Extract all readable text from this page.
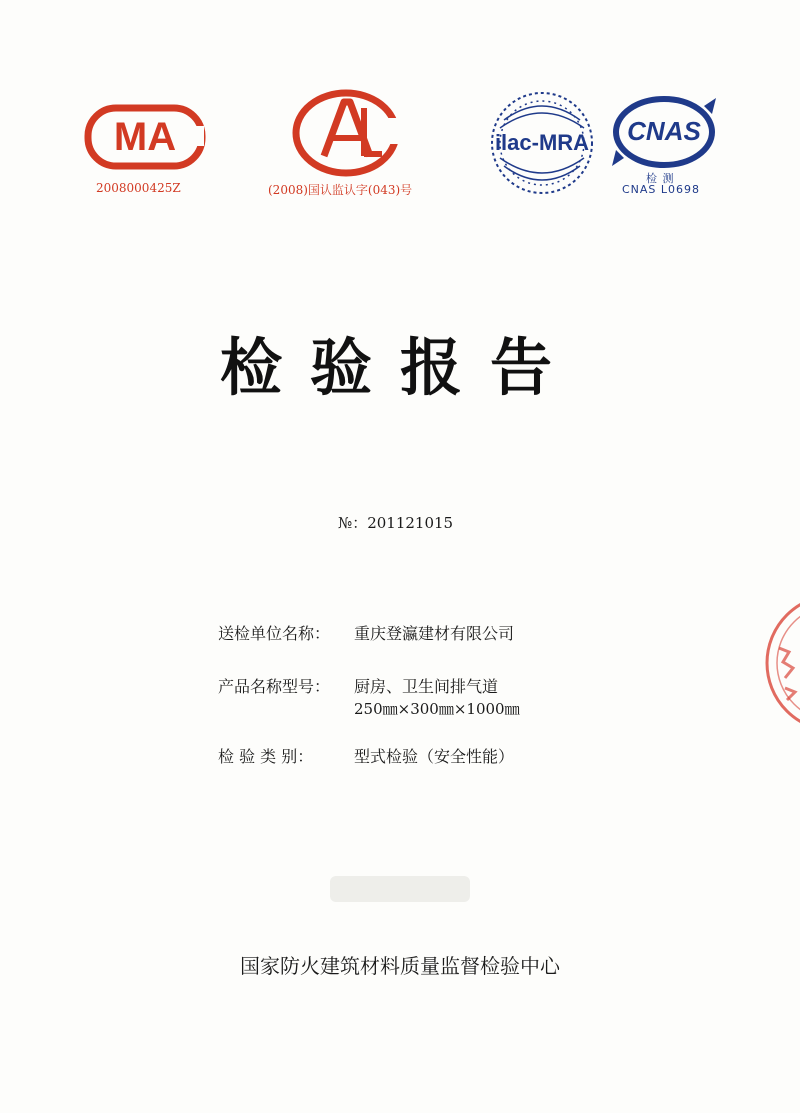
MA
2008000425Z	(2008)国认监认字(043)号
ilac-MRA CNAS
检 测
CNAS L0698
检验报告
№：201121015
送检单位名称： 重庆登瀛建材有限公司
产品名称型号： 厨房、卫生间排气道
250㎜×300㎜×1000㎜
检 验 类 别：	型式检验（安全性能）
国家防火建筑材料质量监督检验中心
